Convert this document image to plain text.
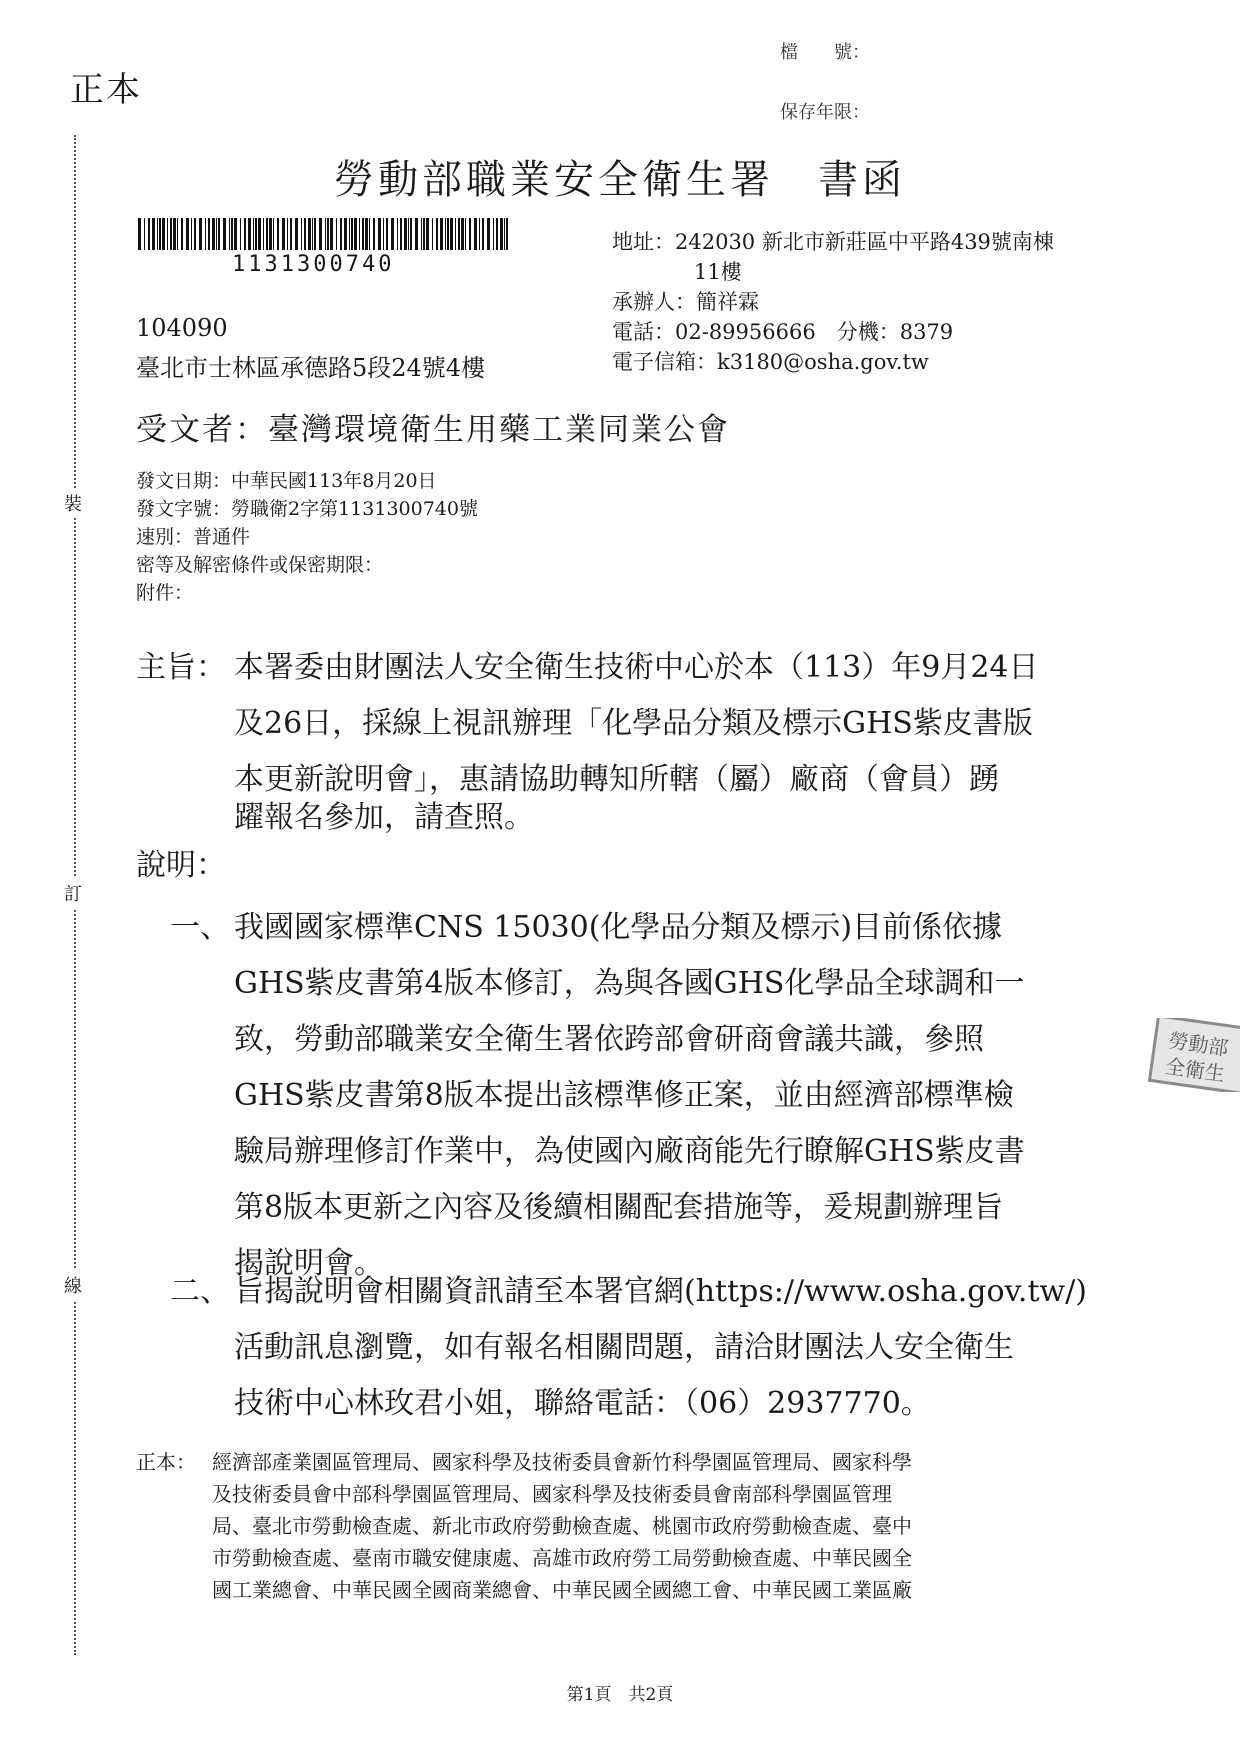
正本
檔　　號：
保存年限：
勞動部職業安全衛生署　書函
1131300740
地址：242030 新北市新莊區中平路439號南棟
11樓
承辦人：簡祥霖
電話：02-89956666　分機：8379
電子信箱：k3180@osha.gov.tw
104090
臺北市士林區承德路5段24號4樓
受文者：臺灣環境衛生用藥工業同業公會
發文日期：中華民國113年8月20日
發文字號：勞職衛2字第1131300740號
速別：普通件
密等及解密條件或保密期限：
附件：
主旨： 本署委由財團法人安全衛生技術中心於本（113）年9月24日
及26日，採線上視訊辦理「化學品分類及標示GHS紫皮書版
本更新說明會」，惠請協助轉知所轄（屬）廠商（會員）踴
躍報名參加，請查照。
說明：
一、 我國國家標準CNS 15030(化學品分類及標示)目前係依據
GHS紫皮書第4版本修訂，為與各國GHS化學品全球調和一
致，勞動部職業安全衛生署依跨部會研商會議共識，參照
GHS紫皮書第8版本提出該標準修正案，並由經濟部標準檢
驗局辦理修訂作業中，為使國內廠商能先行瞭解GHS紫皮書
第8版本更新之內容及後續相關配套措施等，爰規劃辦理旨
揭說明會。
二、 旨揭說明會相關資訊請至本署官網(https://www.osha.gov.tw/)
活動訊息瀏覽，如有報名相關問題，請洽財團法人安全衛生
技術中心林玫君小姐，聯絡電話：（06）2937770。
正本： 經濟部產業園區管理局、國家科學及技術委員會新竹科學園區管理局、國家科學
及技術委員會中部科學園區管理局、國家科學及技術委員會南部科學園區管理
局、臺北市勞動檢查處、新北市政府勞動檢查處、桃園市政府勞動檢查處、臺中
市勞動檢查處、臺南市職安健康處、高雄市政府勞工局勞動檢查處、中華民國全
國工業總會、中華民國全國商業總會、中華民國全國總工會、中華民國工業區廠
裝
訂
線
勞動部
全衛生
第1頁　共2頁
